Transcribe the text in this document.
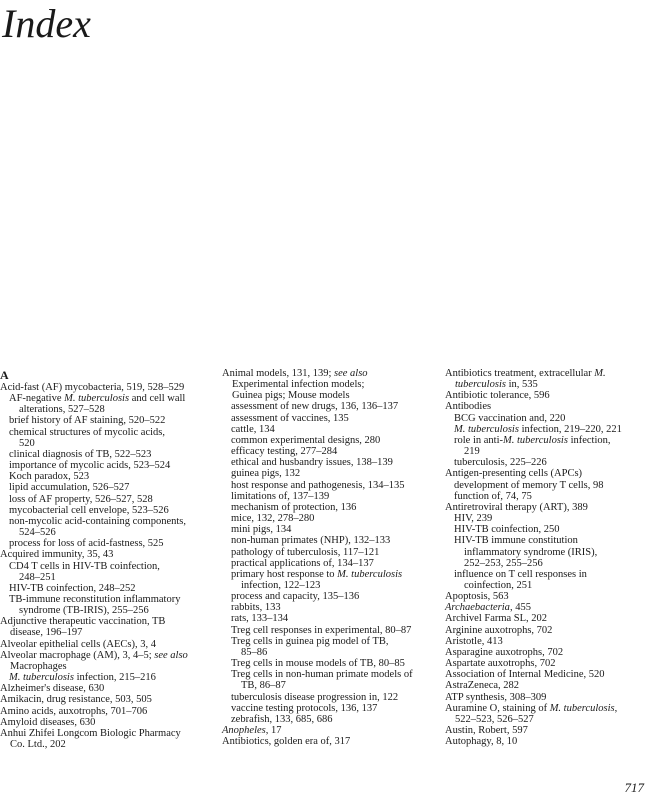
Index
A
Acid-fast (AF) mycobacteria, 519, 528–529
AF-negative M. tuberculosis and cell wall
alterations, 527–528
brief history of AF staining, 520–522
chemical structures of mycolic acids,
520
clinical diagnosis of TB, 522–523
importance of mycolic acids, 523–524
Koch paradox, 523
lipid accumulation, 526–527
loss of AF property, 526–527, 528
mycobacterial cell envelope, 523–526
non-mycolic acid-containing components,
524–526
process for loss of acid-fastness, 525
Acquired immunity, 35, 43
CD4 T cells in HIV-TB coinfection,
248–251
HIV-TB coinfection, 248–252
TB-immune reconstitution inflammatory
syndrome (TB-IRIS), 255–256
Adjunctive therapeutic vaccination, TB
disease, 196–197
Alveolar epithelial cells (AECs), 3, 4
Alveolar macrophage (AM), 3, 4–5; see also
Macrophages
M. tuberculosis infection, 215–216
Alzheimer's disease, 630
Amikacin, drug resistance, 503, 505
Amino acids, auxotrophs, 701–706
Amyloid diseases, 630
Anhui Zhifei Longcom Biologic Pharmacy
Co. Ltd., 202
Animal models, 131, 139; see also
Experimental infection models;
Guinea pigs; Mouse models
assessment of new drugs, 136, 136–137
assessment of vaccines, 135
cattle, 134
common experimental designs, 280
efficacy testing, 277–284
ethical and husbandry issues, 138–139
guinea pigs, 132
host response and pathogenesis, 134–135
limitations of, 137–139
mechanism of protection, 136
mice, 132, 278–280
mini pigs, 134
non-human primates (NHP), 132–133
pathology of tuberculosis, 117–121
practical applications of, 134–137
primary host response to M. tuberculosis
infection, 122–123
process and capacity, 135–136
rabbits, 133
rats, 133–134
Treg cell responses in experimental, 80–87
Treg cells in guinea pig model of TB,
85–86
Treg cells in mouse models of TB, 80–85
Treg cells in non-human primate models of
TB, 86–87
tuberculosis disease progression in, 122
vaccine testing protocols, 136, 137
zebrafish, 133, 685, 686
Anopheles, 17
Antibiotics, golden era of, 317
Antibiotics treatment, extracellular M.
tuberculosis in, 535
Antibiotic tolerance, 596
Antibodies
BCG vaccination and, 220
M. tuberculosis infection, 219–220, 221
role in anti-M. tuberculosis infection,
219
tuberculosis, 225–226
Antigen-presenting cells (APCs)
development of memory T cells, 98
function of, 74, 75
Antiretroviral therapy (ART), 389
HIV, 239
HIV-TB coinfection, 250
HIV-TB immune constitution
inflammatory syndrome (IRIS),
252–253, 255–256
influence on T cell responses in
coinfection, 251
Apoptosis, 563
Archaebacteria, 455
Archivel Farma SL, 202
Arginine auxotrophs, 702
Aristotle, 413
Asparagine auxotrophs, 702
Aspartate auxotrophs, 702
Association of Internal Medicine, 520
AstraZeneca, 282
ATP synthesis, 308–309
Auramine O, staining of M. tuberculosis,
522–523, 526–527
Austin, Robert, 597
Autophagy, 8, 10
717
